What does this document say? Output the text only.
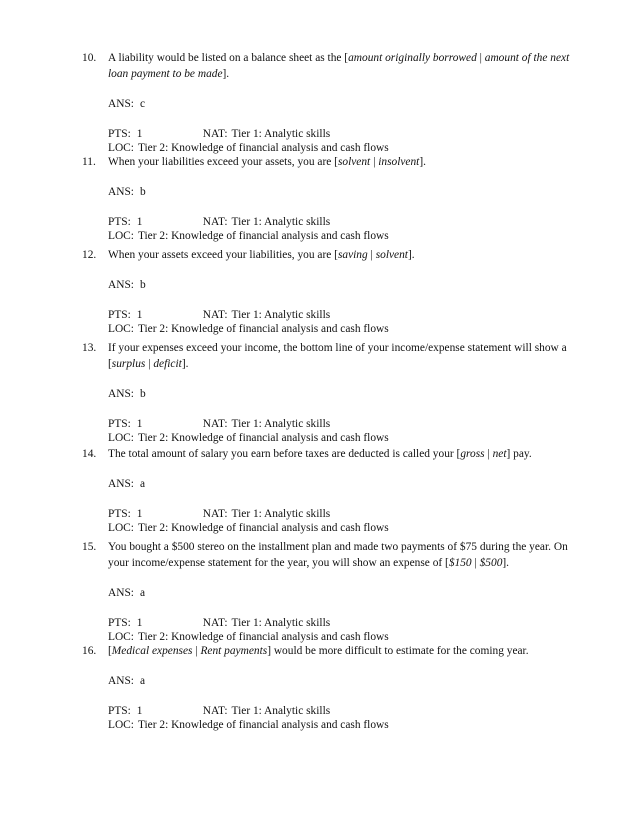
10. A liability would be listed on a balance sheet as the [amount originally borrowed | amount of the next loan payment to be made].
ANS: c
PTS: 1	NAT: Tier 1: Analytic skills
LOC: Tier 2: Knowledge of financial analysis and cash flows
11. When your liabilities exceed your assets, you are [solvent | insolvent].
ANS: b
PTS: 1	NAT: Tier 1: Analytic skills
LOC: Tier 2: Knowledge of financial analysis and cash flows
12. When your assets exceed your liabilities, you are [saving | solvent].
ANS: b
PTS: 1	NAT: Tier 1: Analytic skills
LOC: Tier 2: Knowledge of financial analysis and cash flows
13. If your expenses exceed your income, the bottom line of your income/expense statement will show a [surplus | deficit].
ANS: b
PTS: 1	NAT: Tier 1: Analytic skills
LOC: Tier 2: Knowledge of financial analysis and cash flows
14. The total amount of salary you earn before taxes are deducted is called your [gross | net] pay.
ANS: a
PTS: 1	NAT: Tier 1: Analytic skills
LOC: Tier 2: Knowledge of financial analysis and cash flows
15. You bought a $500 stereo on the installment plan and made two payments of $75 during the year. On your income/expense statement for the year, you will show an expense of [$150 | $500].
ANS: a
PTS: 1	NAT: Tier 1: Analytic skills
LOC: Tier 2: Knowledge of financial analysis and cash flows
16. [Medical expenses | Rent payments] would be more difficult to estimate for the coming year.
ANS: a
PTS: 1	NAT: Tier 1: Analytic skills
LOC: Tier 2: Knowledge of financial analysis and cash flows
